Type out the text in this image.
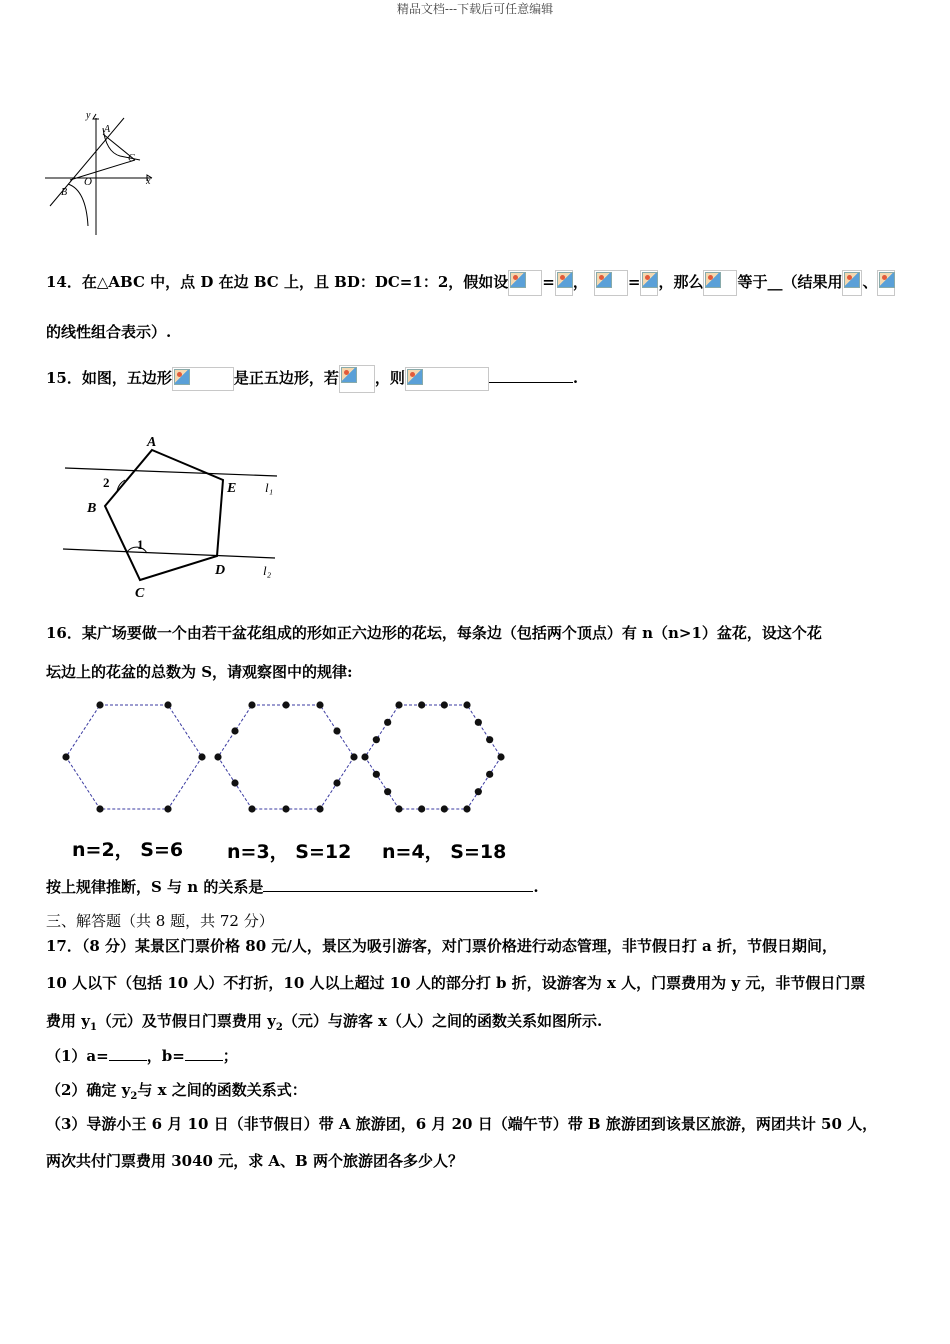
精品文档---下载后可任意编辑
y
x
O
A
B
C
14．在△ABC 中，点 D 在边 BC 上，且 BD：DC=1：2，假如设 = ，	= ，那么 等于__（结果用 、
的线性组合表示）.
15．如图，五边形	是正五边形，若 ，则	.
A
B
C
D
E
1
2	l₁
l₂
16．某广场要做一个由若干盆花组成的形如正六边形的花坛，每条边（包括两个顶点）有 n（n>1）盆花，设这个花
坛边上的花盆的总数为 S，请观察图中的规律:
n=2， S=6 n=3， S=12 n=4， S=18
按上规律推断，S 与 n 的关系是	.
三、解答题（共 8 题，共 72 分）
17．（8 分）某景区门票价格 80 元/人，景区为吸引游客，对门票价格进行动态管理，非节假日打 a 折，节假日期间，
10 人以下（包括 10 人）不打折，10 人以上超过 10 人的部分打 b 折，设游客为 x 人，门票费用为 y 元，非节假日门票
费用 $y_1$（元）及节假日门票费用 $y_2$（元）与游客 x（人）之间的函数关系如图所示.
（1）a=	，b=	；
（2）确定 $y_2$与 x 之间的函数关系式：
（3）导游小王 6 月 10 日（非节假日）带 A 旅游团，6 月 20 日（端午节）带 B 旅游团到该景区旅游，两团共计 50 人，
两次共付门票费用 3040 元，求 A、B 两个旅游团各多少人？
